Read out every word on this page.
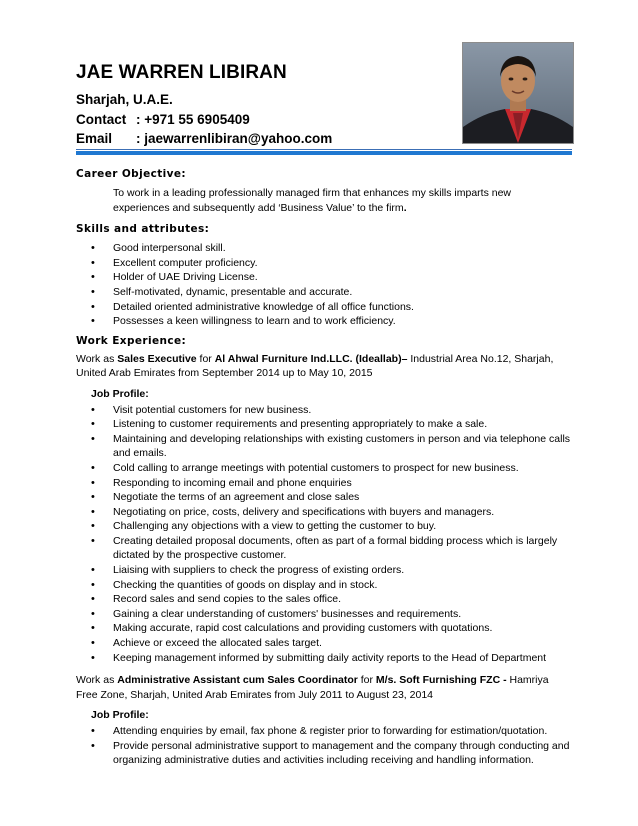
JAE WARREN LIBIRAN
Sharjah, U.A.E.
Contact : +971 55 6905409
Email : jaewarrenlibiran@yahoo.com
Career Objective:
To work in a leading professionally managed firm that enhances my skills imparts new experiences and subsequently add ‘Business Value’ to the firm.
Skills and attributes:
• Good interpersonal skill.
• Excellent computer proficiency.
• Holder of UAE Driving License.
• Self-motivated, dynamic, presentable and accurate.
• Detailed oriented administrative knowledge of all office functions.
• Possesses a keen willingness to learn and to work efficiency.
Work Experience:
Work as Sales Executive for Al Ahwal Furniture Ind.LLC. (Ideallab)– Industrial Area No.12, Sharjah, United Arab Emirates from September 2014 up to May 10, 2015
Job Profile:
• Visit potential customers for new business.
• Listening to customer requirements and presenting appropriately to make a sale.
• Maintaining and developing relationships with existing customers in person and via telephone calls and emails.
• Cold calling to arrange meetings with potential customers to prospect for new business.
• Responding to incoming email and phone enquiries
• Negotiate the terms of an agreement and close sales
• Negotiating on price, costs, delivery and specifications with buyers and managers.
• Challenging any objections with a view to getting the customer to buy.
• Creating detailed proposal documents, often as part of a formal bidding process which is largely dictated by the prospective customer.
• Liaising with suppliers to check the progress of existing orders.
• Checking the quantities of goods on display and in stock.
• Record sales and send copies to the sales office.
• Gaining a clear understanding of customers' businesses and requirements.
• Making accurate, rapid cost calculations and providing customers with quotations.
• Achieve or exceed the allocated sales target.
• Keeping management informed by submitting daily activity reports to the Head of Department
Work as Administrative Assistant cum Sales Coordinator for M/s. Soft Furnishing FZC - Hamriya Free Zone, Sharjah, United Arab Emirates from July 2011 to August 23, 2014
Job Profile:
• Attending enquiries by email, fax phone & register prior to forwarding for estimation/quotation.
• Provide personal administrative support to management and the company through conducting and organizing administrative duties and activities including receiving and handling information.
